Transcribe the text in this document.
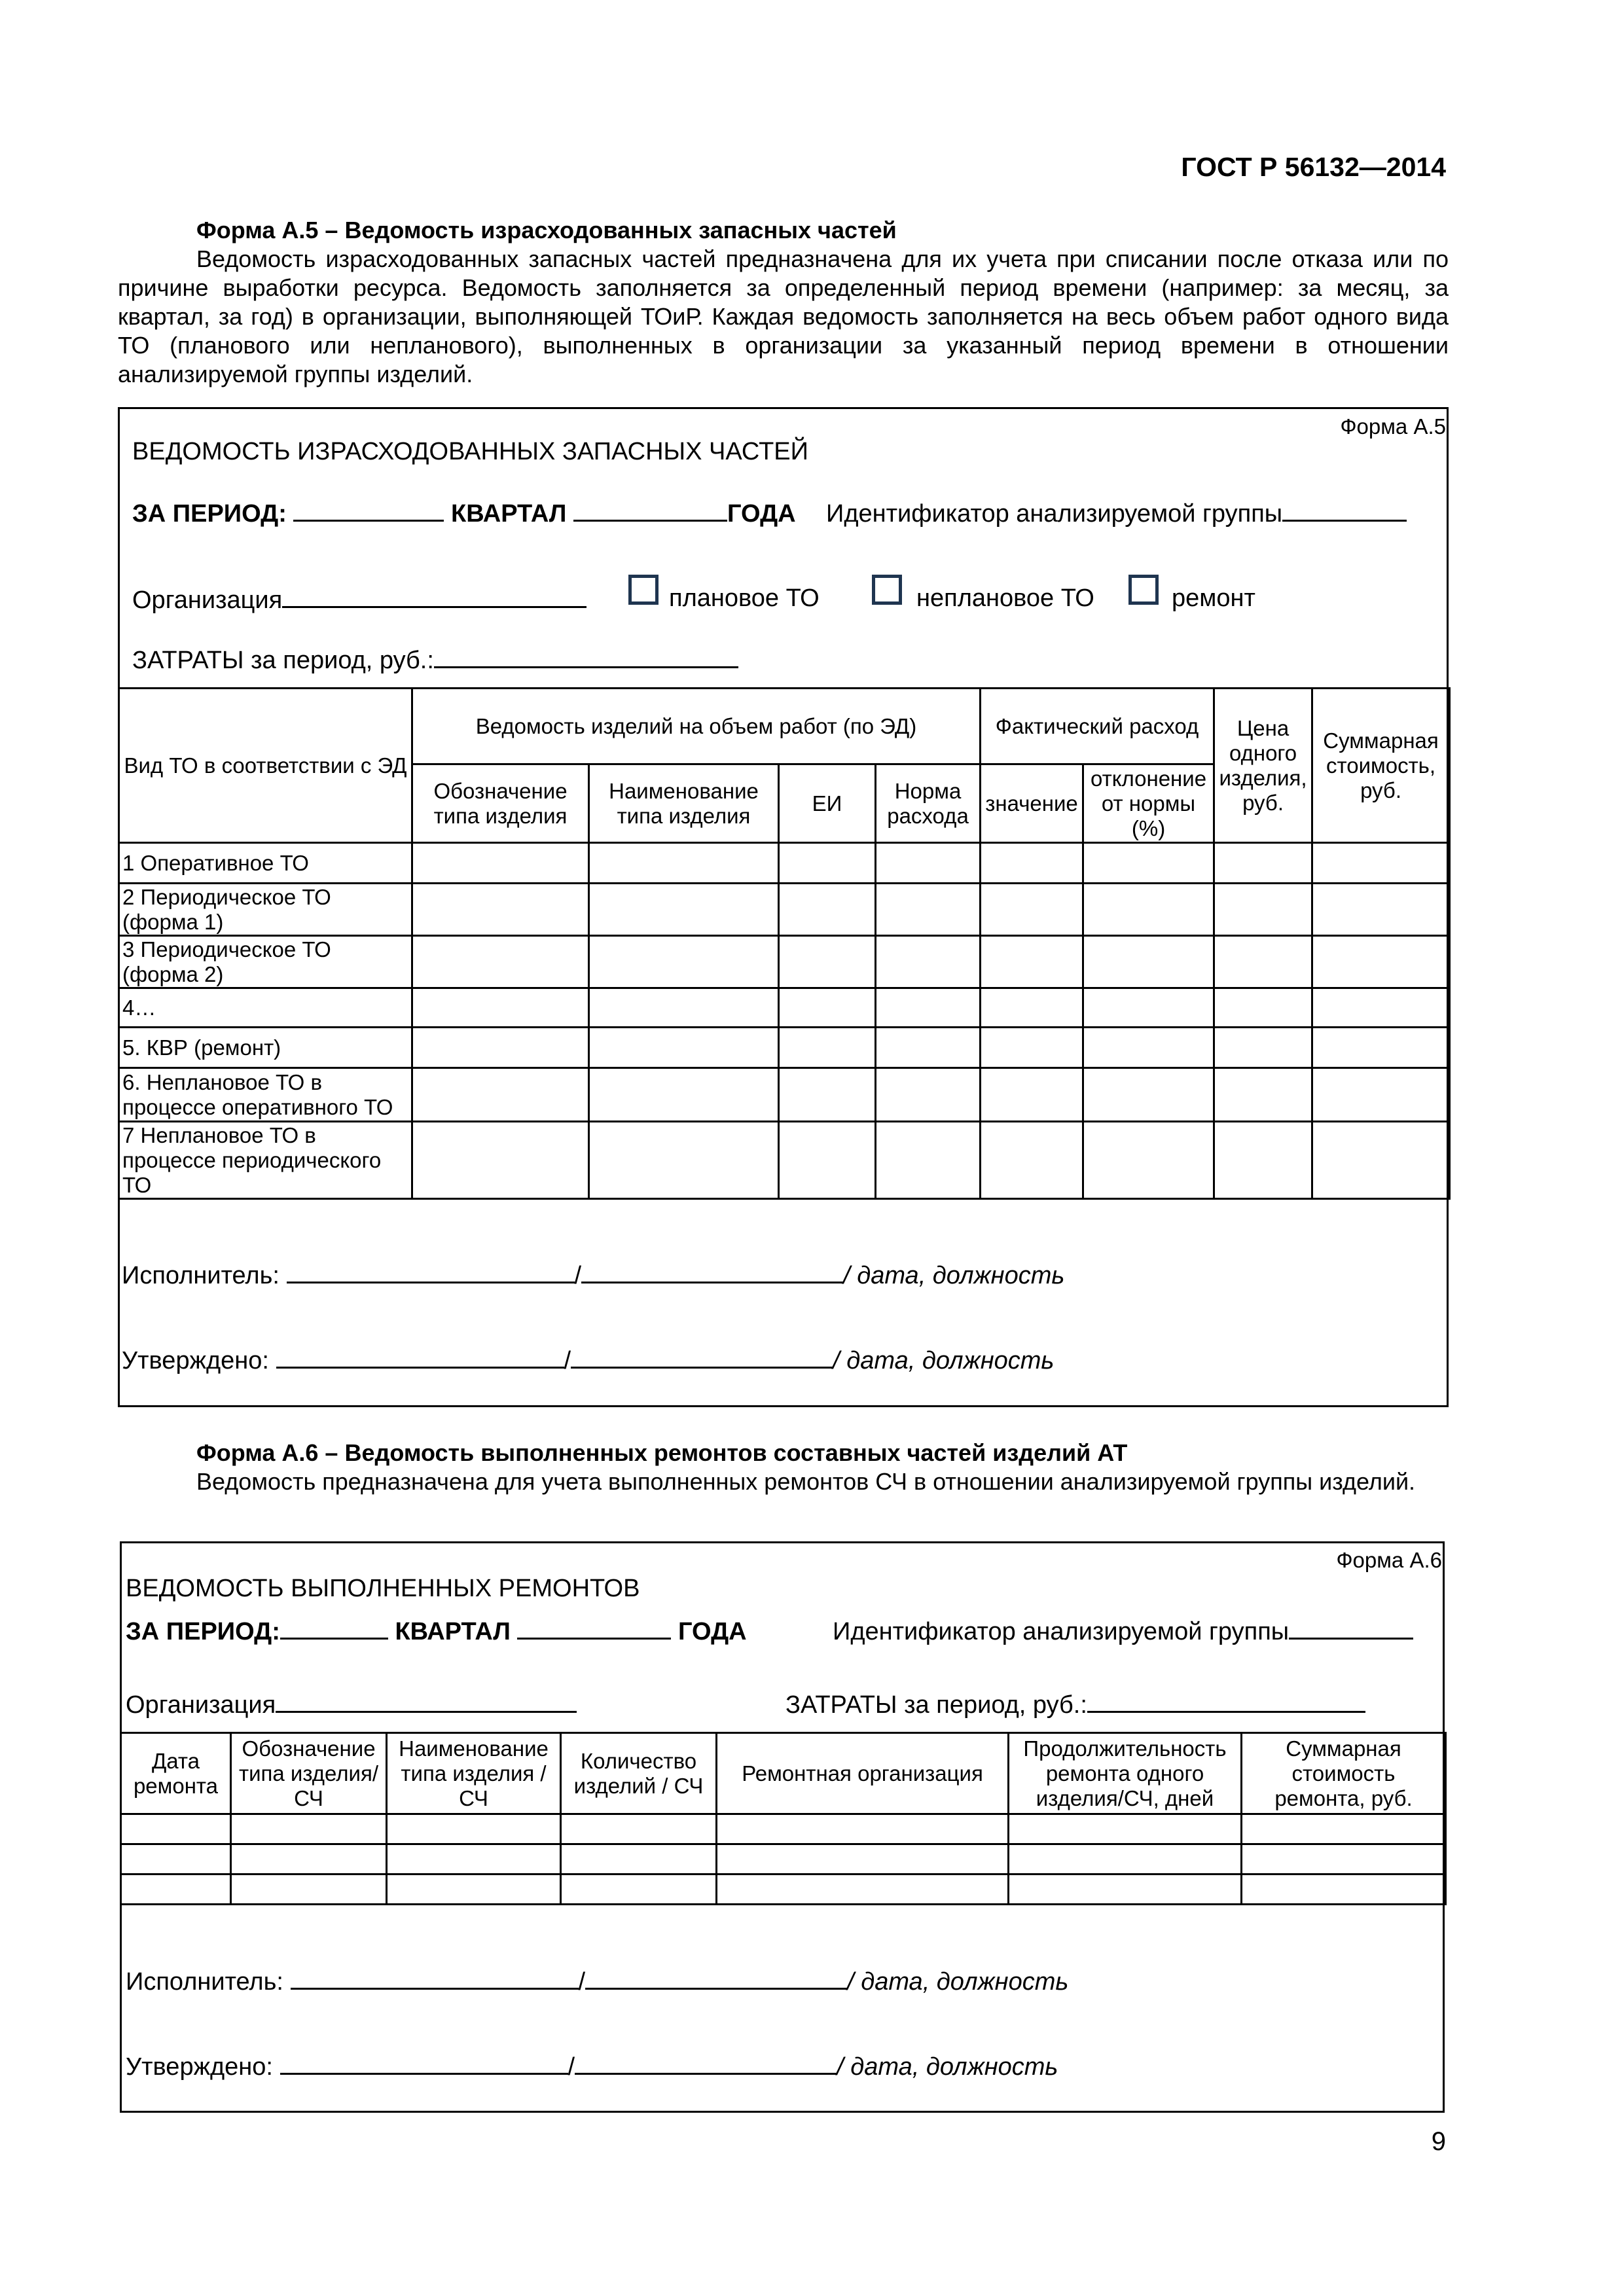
ГОСТ Р 56132—2014
Форма А.5 – Ведомость израсходованных запасных частей
Ведомость израсходованных запасных частей предназначена для их учета при списании после отказа или по причине выработки ресурса. Ведомость заполняется за определенный период времени (например: за месяц, за квартал, за год) в организации, выполняющей ТОиР. Каждая ведомость заполняется на весь объем работ одного вида ТО (планового или непланового), выполненных в организации за указанный период времени в отношении анализируемой группы изделий.
Форма А.5
ВЕДОМОСТЬ ИЗРАСХОДОВАННЫХ ЗАПАСНЫХ ЧАСТЕЙ
ЗА ПЕРИОД:	КВАРТАЛ	ГОДА Идентификатор анализируемой группы
Организация	плановое ТО	неплановое ТО	ремонт
ЗАТРАТЫ за период, руб.:
Вид ТО в соответствии с ЭД	Ведомость изделий на объем работ (по ЭД)				Фактический расход		Цена одного изделия, руб.	Суммарная стоимость, руб.
	Обозначение типа изделия	Наименование типа изделия	ЕИ	Норма расхода	значение	отклонение от нормы (%)		
1 Оперативное ТО								
2 Периодическое ТО (форма 1)								
3 Периодическое ТО (форма 2)								
4…								
5. КВР (ремонт)								
6. Неплановое ТО в процессе оперативного ТО								
7 Неплановое ТО в процессе периодического ТО								
Исполнитель:	/	/ дата, должность
Утверждено:	/	/ дата, должность
Форма А.6 – Ведомость выполненных ремонтов составных частей изделий АТ
Ведомость предназначена для учета выполненных ремонтов СЧ в отношении анализируемой группы изделий.
Форма А.6
ВЕДОМОСТЬ ВЫПОЛНЕННЫХ РЕМОНТОВ
ЗА ПЕРИОД:	КВАРТАЛ	ГОДА	Идентификатор анализируемой группы
Организация	ЗАТРАТЫ за период, руб.:
Дата ремонта	Обозначение типа изделия/ СЧ	Наименование типа изделия / СЧ	Количество изделий / СЧ	Ремонтная организация	Продолжительность ремонта одного изделия/СЧ, дней	Суммарная стоимость ремонта, руб.

Исполнитель:	/	/ дата, должность
Утверждено:	/	/ дата, должность
9
